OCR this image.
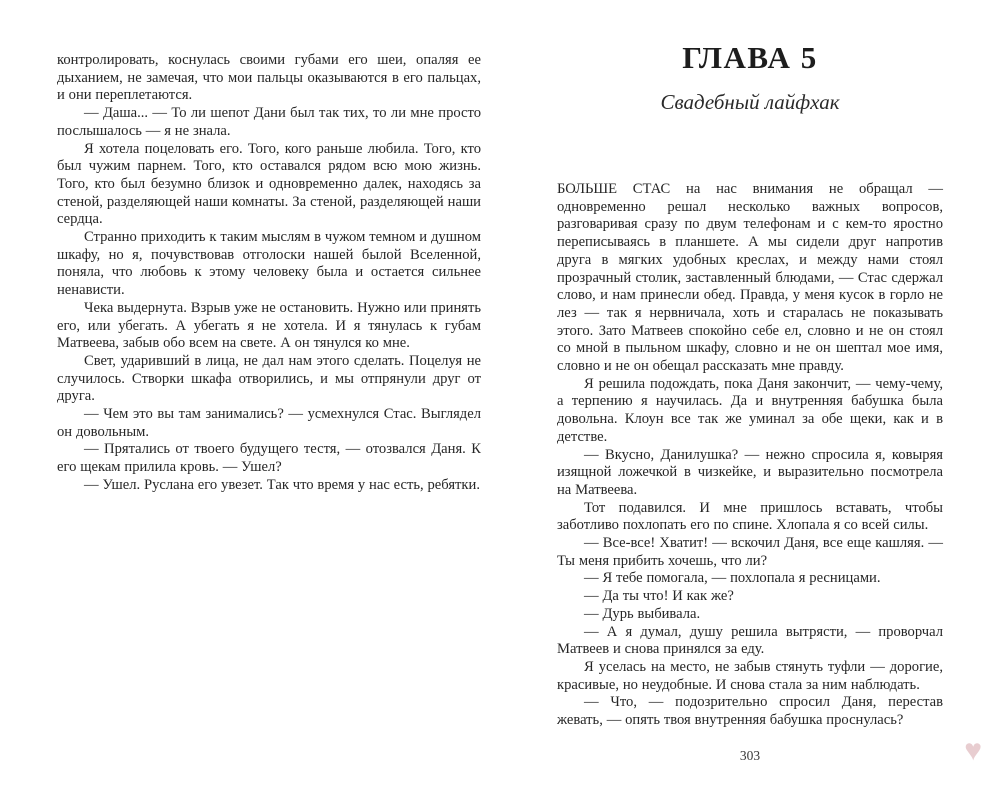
контролировать, коснулась своими губами его шеи, опаляя ее дыханием, не замечая, что мои пальцы оказываются в его пальцах, и они переплетаются.

— Даша... — То ли шепот Дани был так тих, то ли мне просто послышалось — я не знала.

Я хотела поцеловать его. Того, кого раньше любила. Того, кто был чужим парнем. Того, кто оставался рядом всю мою жизнь. Того, кто был безумно близок и одновременно далек, находясь за стеной, разделяющей наши комнаты. За стеной, разделяющей наши сердца.

Странно приходить к таким мыслям в чужом темном и душном шкафу, но я, почувствовав отголоски нашей былой Вселенной, поняла, что любовь к этому человеку была и остается сильнее ненависти.

Чека выдернута. Взрыв уже не остановить. Нужно или принять его, или убегать. А убегать я не хотела. И я тянулась к губам Матвеева, забыв обо всем на свете. А он тянулся ко мне.

Свет, ударивший в лица, не дал нам этого сделать. Поцелуя не случилось. Створки шкафа отворились, и мы отпрянули друг от друга.

— Чем это вы там занимались? — усмехнулся Стас. Выглядел он довольным.

— Прятались от твоего будущего тестя, — отозвался Даня. К его щекам прилила кровь. — Ушел?

— Ушел. Руслана его увезет. Так что время у нас есть, ребятки.

ГЛАВА 5
Свадебный лайфхак

БОЛЬШЕ СТАС на нас внимания не обращал — одновременно решал несколько важных вопросов, разговаривая сразу по двум телефонам и с кем-то яростно переписываясь в планшете. А мы сидели друг напротив друга в мягких удобных креслах, и между нами стоял прозрачный столик, заставленный блюдами, — Стас сдержал слово, и нам принесли обед. Правда, у меня кусок в горло не лез — так я нервничала, хоть и старалась не показывать этого. Зато Матвеев спокойно себе ел, словно и не он стоял со мной в пыльном шкафу, словно и не он шептал мое имя, словно и не он обещал рассказать мне правду.

Я решила подождать, пока Даня закончит, — чему-чему, а терпению я научилась. Да и внутренняя бабушка была довольна. Клоун все так же уминал за обе щеки, как и в детстве.

— Вкусно, Данилушка? — нежно спросила я, ковыряя изящной ложечкой в чизкейке, и выразительно посмотрела на Матвеева.

Тот подавился. И мне пришлось вставать, чтобы заботливо похлопать его по спине. Хлопала я со всей силы.

— Все-все! Хватит! — вскочил Даня, все еще кашляя. — Ты меня прибить хочешь, что ли?

— Я тебе помогала, — похлопала я ресницами.

— Да ты что! И как же?

— Дурь выбивала.

— А я думал, душу решила вытрясти, — проворчал Матвеев и снова принялся за еду.

Я уселась на место, не забыв стянуть туфли — дорогие, красивые, но неудобные. И снова стала за ним наблюдать.

— Что, — подозрительно спросил Даня, перестав жевать, — опять твоя внутренняя бабушка проснулась?

303	♥
